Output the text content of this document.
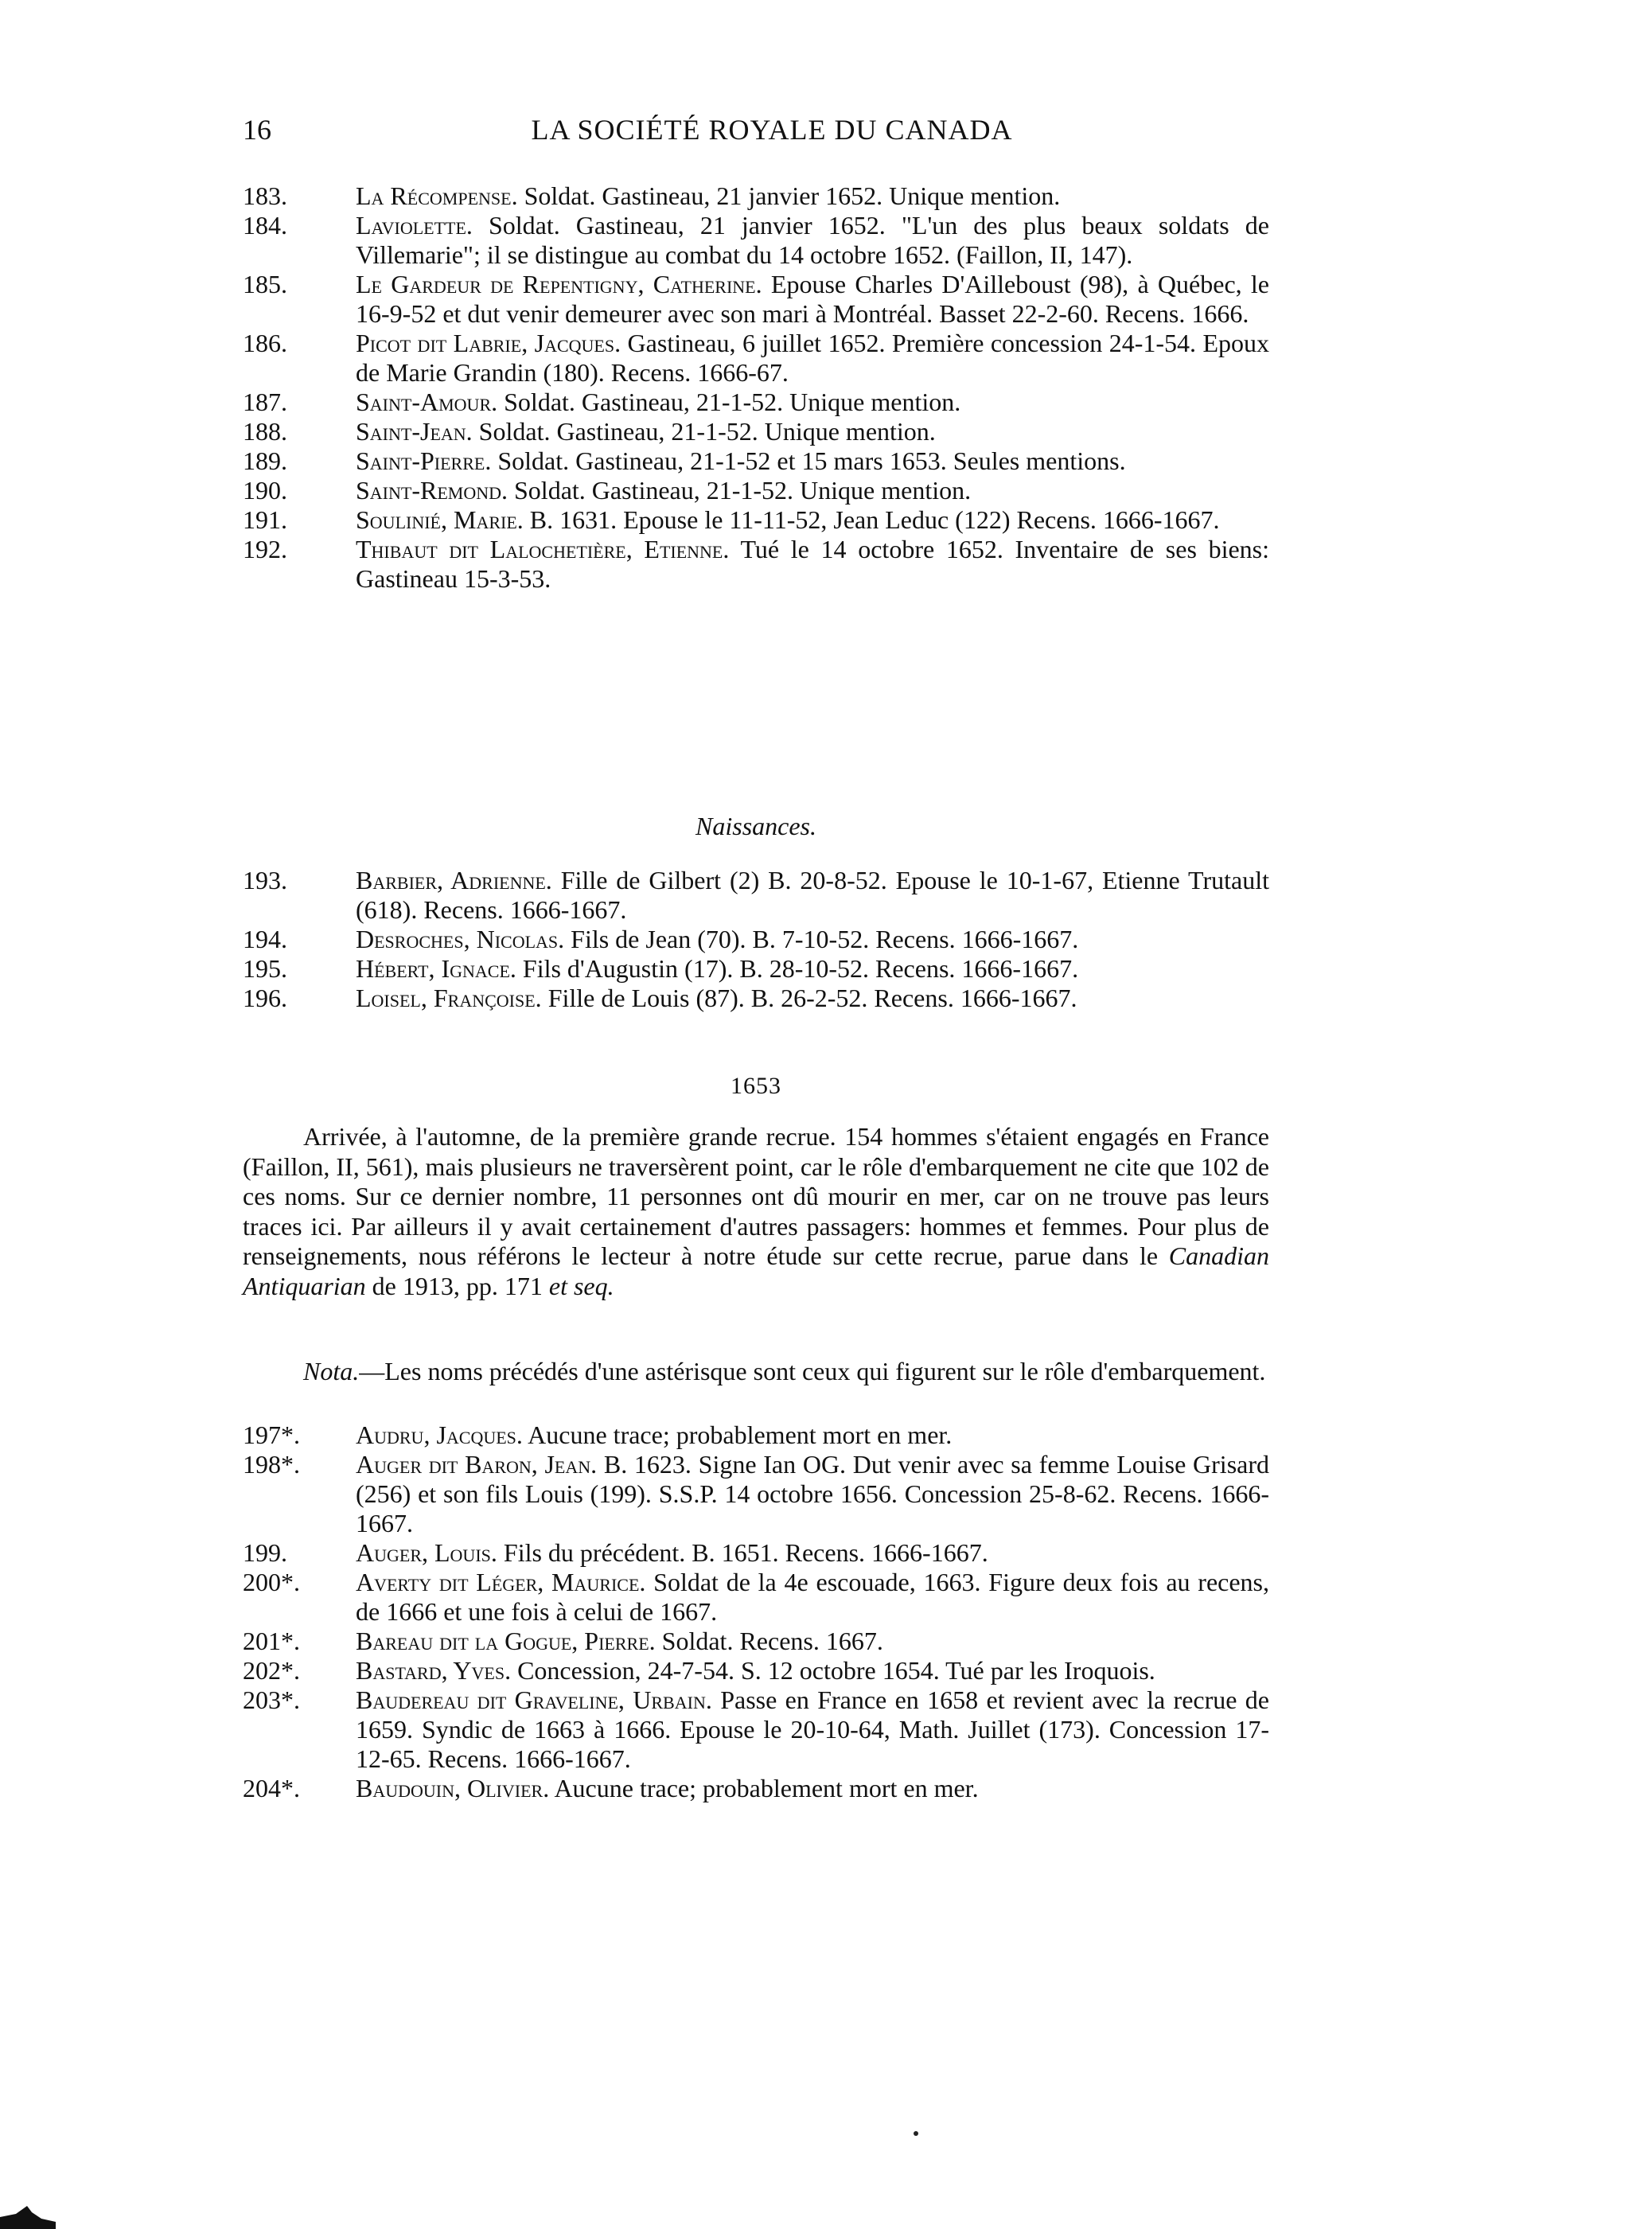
16	LA SOCIÉTÉ ROYALE DU CANADA
183.	La Récompense. Soldat. Gastineau, 21 janvier 1652. Unique mention.
184.	Laviolette. Soldat. Gastineau, 21 janvier 1652. "L'un des plus beaux soldats de Villemarie"; il se distingue au combat du 14 octobre 1652. (Faillon, II, 147).
185.	Le Gardeur de Repentigny, Catherine. Epouse Charles D'Ailleboust (98), à Québec, le 16-9-52 et dut venir demeurer avec son mari à Montréal. Basset 22-2-60. Recens. 1666.
186.	Picot dit Labrie, Jacques. Gastineau, 6 juillet 1652. Première concession 24-1-54. Epoux de Marie Grandin (180). Recens. 1666-67.
187.	Saint-Amour. Soldat. Gastineau, 21-1-52. Unique mention.
188.	Saint-Jean. Soldat. Gastineau, 21-1-52. Unique mention.
189.	Saint-Pierre. Soldat. Gastineau, 21-1-52 et 15 mars 1653. Seules mentions.
190.	Saint-Remond. Soldat. Gastineau, 21-1-52. Unique mention.
191.	Soulinié, Marie. B. 1631. Epouse le 11-11-52, Jean Leduc (122) Recens. 1666-1667.
192.	Thibaut dit Lalochetière, Etienne. Tué le 14 octobre 1652. Inventaire de ses biens: Gastineau 15-3-53.
Naissances.
193.	Barbier, Adrienne. Fille de Gilbert (2) B. 20-8-52. Epouse le 10-1-67, Etienne Trutault (618). Recens. 1666-1667.
194.	Desroches, Nicolas. Fils de Jean (70). B. 7-10-52. Recens. 1666-1667.
195.	Hébert, Ignace. Fils d'Augustin (17). B. 28-10-52. Recens. 1666-1667.
196.	Loisel, Françoise. Fille de Louis (87). B. 26-2-52. Recens. 1666-1667.
1653

Arrivée, à l'automne, de la première grande recrue. 154 hommes s'étaient engagés en France (Faillon, II, 561), mais plusieurs ne traversèrent point, car le rôle d'embarquement ne cite que 102 de ces noms. Sur ce dernier nombre, 11 personnes ont dû mourir en mer, car on ne trouve pas leurs traces ici. Par ailleurs il y avait certainement d'autres passagers: hommes et femmes. Pour plus de renseignements, nous référons le lecteur à notre étude sur cette recrue, parue dans le Canadian Antiquarian de 1913, pp. 171 et seq.

Nota.—Les noms précédés d'une astérisque sont ceux qui figurent sur le rôle d'embarquement.

197*.	Audru, Jacques. Aucune trace; probablement mort en mer.
198*.	Auger dit Baron, Jean. B. 1623. Signe Ian OG. Dut venir avec sa femme Louise Grisard (256) et son fils Louis (199). S.S.P. 14 octobre 1656. Concession 25-8-62. Recens. 1666-1667.
199.	Auger, Louis. Fils du précédent. B. 1651. Recens. 1666-1667.
200*.	Averty dit Léger, Maurice. Soldat de la 4e escouade, 1663. Figure deux fois au recens, de 1666 et une fois à celui de 1667.
201*.	Bareau dit la Gogue, Pierre. Soldat. Recens. 1667.
202*.	Bastard, Yves. Concession, 24-7-54. S. 12 octobre 1654. Tué par les Iroquois.
203*.	Baudereau dit Graveline, Urbain. Passe en France en 1658 et revient avec la recrue de 1659. Syndic de 1663 à 1666. Epouse le 20-10-64, Math. Juillet (173). Concession 17-12-65. Recens. 1666-1667.
204*.	Baudouin, Olivier. Aucune trace; probablement mort en mer.
